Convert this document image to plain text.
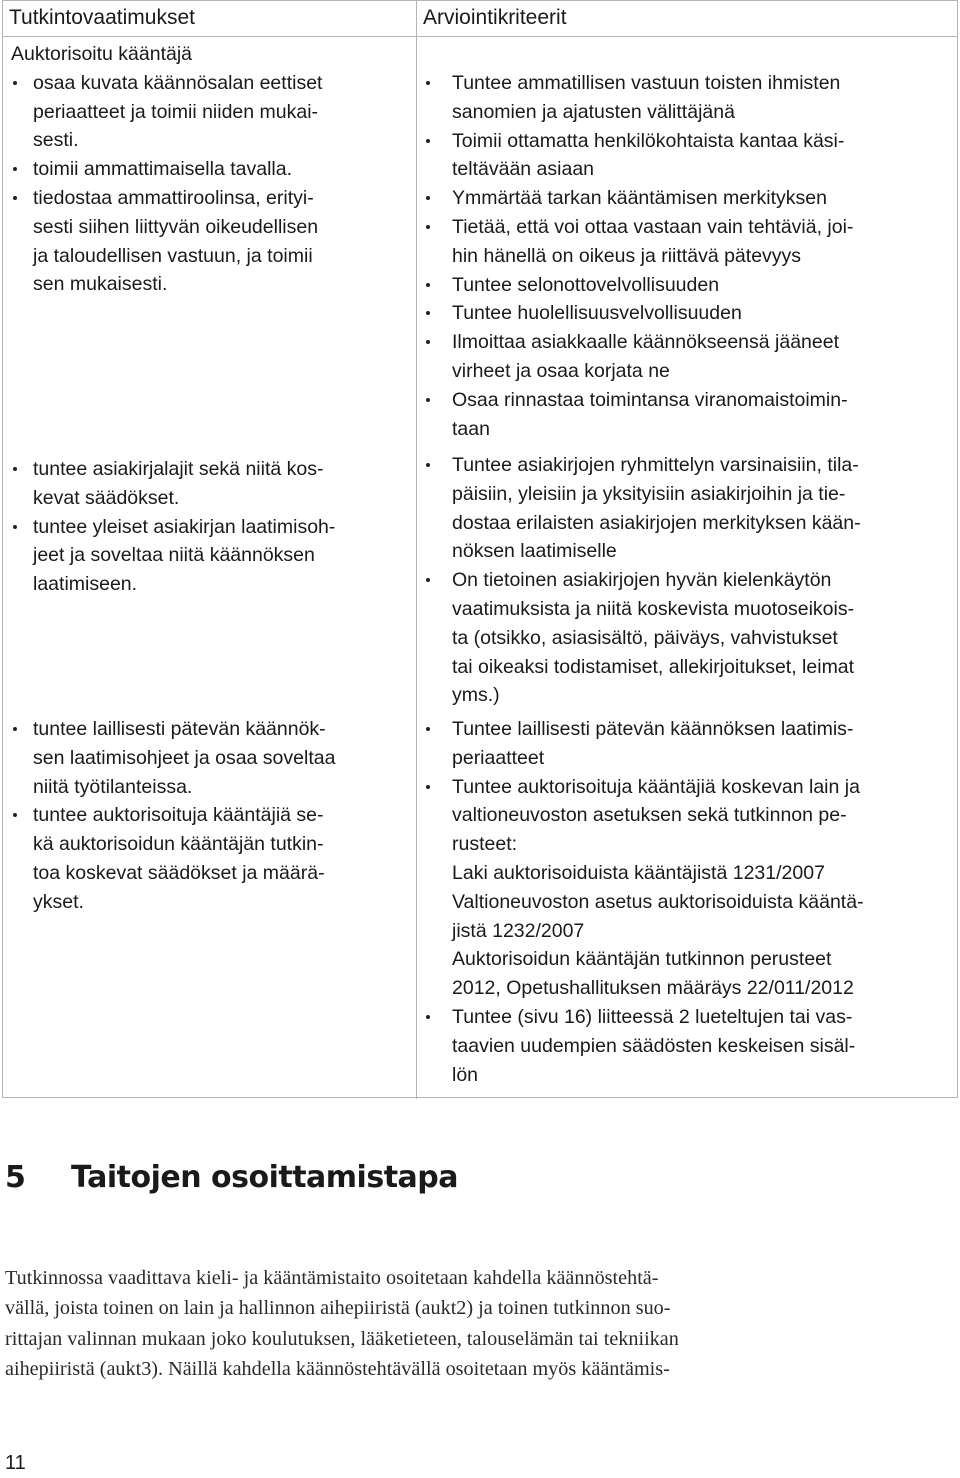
Tutkintovaatimukset	Arviointikriteerit

Auktorisoitu kääntäjä

osaa kuvata käännösalan eettiset
periaatteet ja toimii niiden mukai-
sesti.
toimii ammattimaisella tavalla.
tiedostaa ammattiroolinsa, erityi-
sesti siihen liittyvän oikeudellisen
ja taloudellisen vastuun, ja toimii
sen mukaisesti.
tuntee asiakirjalajit sekä niitä kos-
kevat säädökset.
tuntee yleiset asiakirjan laatimisoh-
jeet ja soveltaa niitä käännöksen
laatimiseen.
tuntee laillisesti pätevän käännök-
sen laatimisohjeet ja osaa soveltaa
niitä työtilanteissa.
tuntee auktorisoituja kääntäjiä se-
kä auktorisoidun kääntäjän tutkin-
toa koskevat säädökset ja määrä-
ykset.
Tuntee ammatillisen vastuun toisten ihmisten
sanomien ja ajatusten välittäjänä
Toimii ottamatta henkilökohtaista kantaa käsi-
teltävään asiaan
Ymmärtää tarkan kääntämisen merkityksen
Tietää, että voi ottaa vastaan vain tehtäviä, joi-
hin hänellä on oikeus ja riittävä pätevyys
Tuntee selonottovelvollisuuden
Tuntee huolellisuusvelvollisuuden
Ilmoittaa asiakkaalle käännökseensä jääneet
virheet ja osaa korjata ne
Osaa rinnastaa toimintansa viranomaistoimin-
taan
Tuntee asiakirjojen ryhmittelyn varsinaisiin, tila-
päisiin, yleisiin ja yksityisiin asiakirjoihin ja tie-
dostaa erilaisten asiakirjojen merkityksen kään-
nöksen laatimiselle
On tietoinen asiakirjojen hyvän kielenkäytön
vaatimuksista ja niitä koskevista muotoseikois-
ta (otsikko, asiasisältö, päiväys, vahvistukset
tai oikeaksi todistamiset, allekirjoitukset, leimat
yms.)
Tuntee laillisesti pätevän käännöksen laatimis-
periaatteet
Tuntee auktorisoituja kääntäjiä koskevan lain ja
valtioneuvoston asetuksen sekä tutkinnon pe-
rusteet:
Laki auktorisoiduista kääntäjistä 1231/2007
Valtioneuvoston asetus auktorisoiduista kääntä-
jistä 1232/2007
Auktorisoidun kääntäjän tutkinnon perusteet
2012, Opetushallituksen määräys 22/011/2012
Tuntee (sivu 16) liitteessä 2 lueteltujen tai vas-
taavien uudempien säädösten keskeisen sisäl-
lön
5 Taitojen osoittamistapa

Tutkinnossa vaadittava kieli- ja kääntämistaito osoitetaan kahdella käännöstehtä-
vällä, joista toinen on lain ja hallinnon aihepiiristä (aukt2) ja toinen tutkinnon suo-
rittajan valinnan mukaan joko koulutuksen, lääketieteen, talouselämän tai tekniikan
aihepiiristä (aukt3). Näillä kahdella käännöstehtävällä osoitetaan myös kääntämis-

11
